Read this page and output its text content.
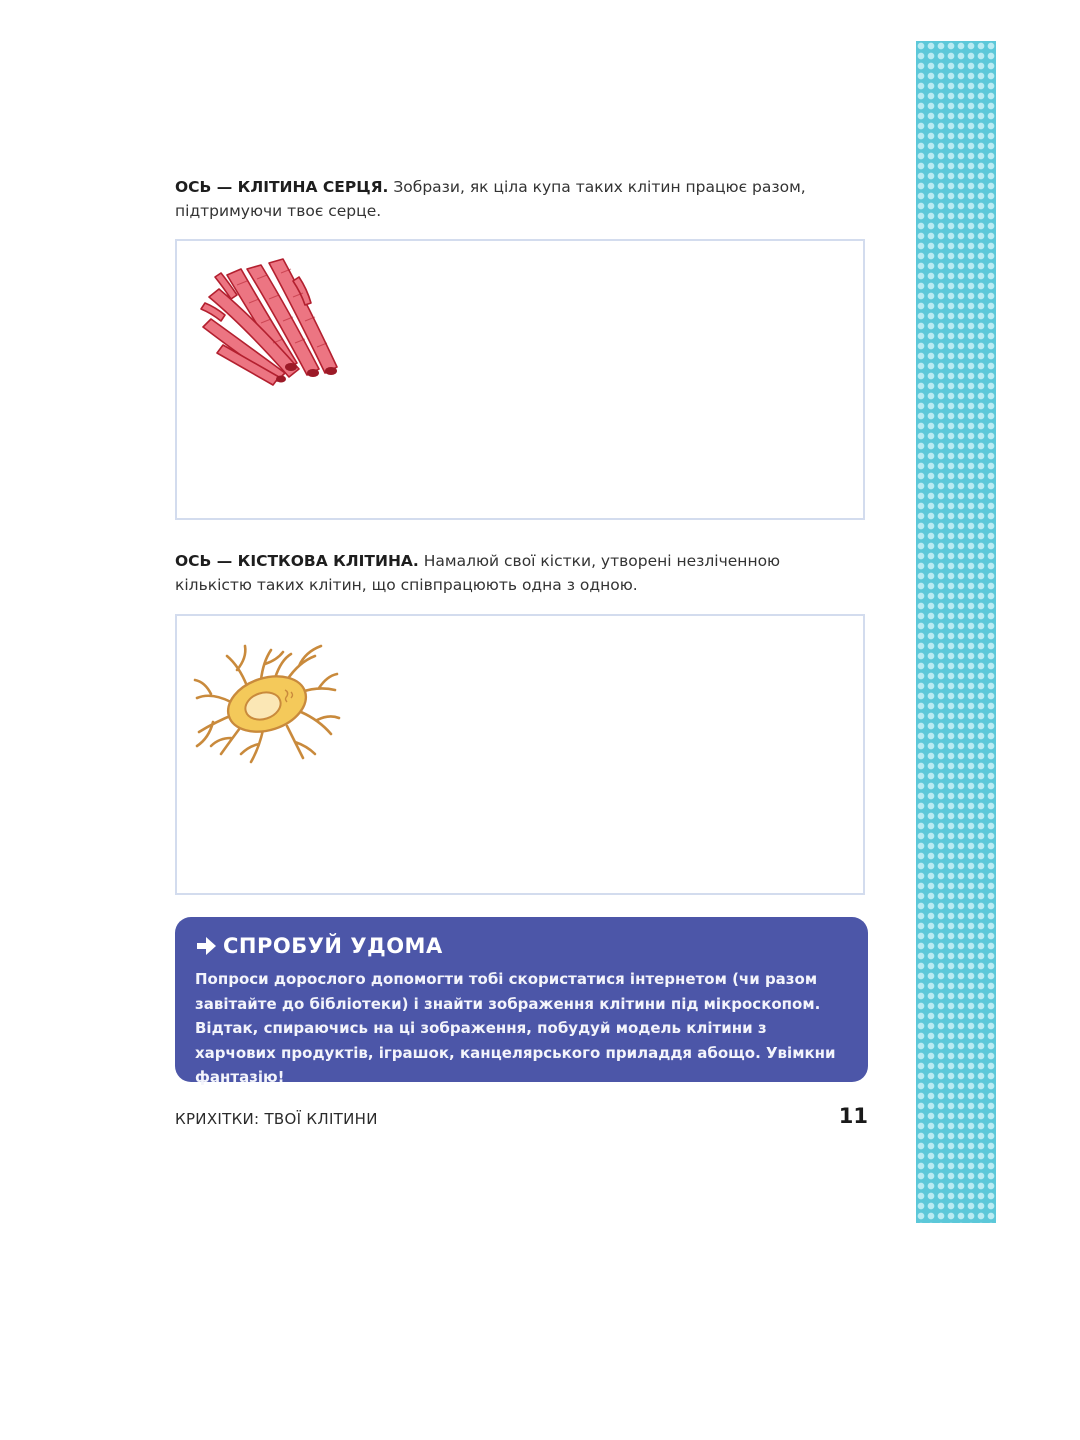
ОСЬ — КЛІТИНА СЕРЦЯ. Зобрази, як ціла купа таких клітин працює разом, підтримуючи твоє серце.
ОСЬ — КІСТКОВА КЛІТИНА. Намалюй свої кістки, утворені незліченною кількістю таких клітин, що співпрацюють одна з одною.
СПРОБУЙ УДОМА
Попроси дорослого допомогти тобі скористатися інтернетом (чи разом завітайте до бібліотеки) і знайти зображення клітини під мікроскопом. Відтак, спираючись на ці зображення, побудуй модель клітини з харчових продуктів, іграшок, канцелярського приладдя абощо. Увімкни фантазію!
КРИХІТКИ: ТВОЇ КЛІТИНИ	11
